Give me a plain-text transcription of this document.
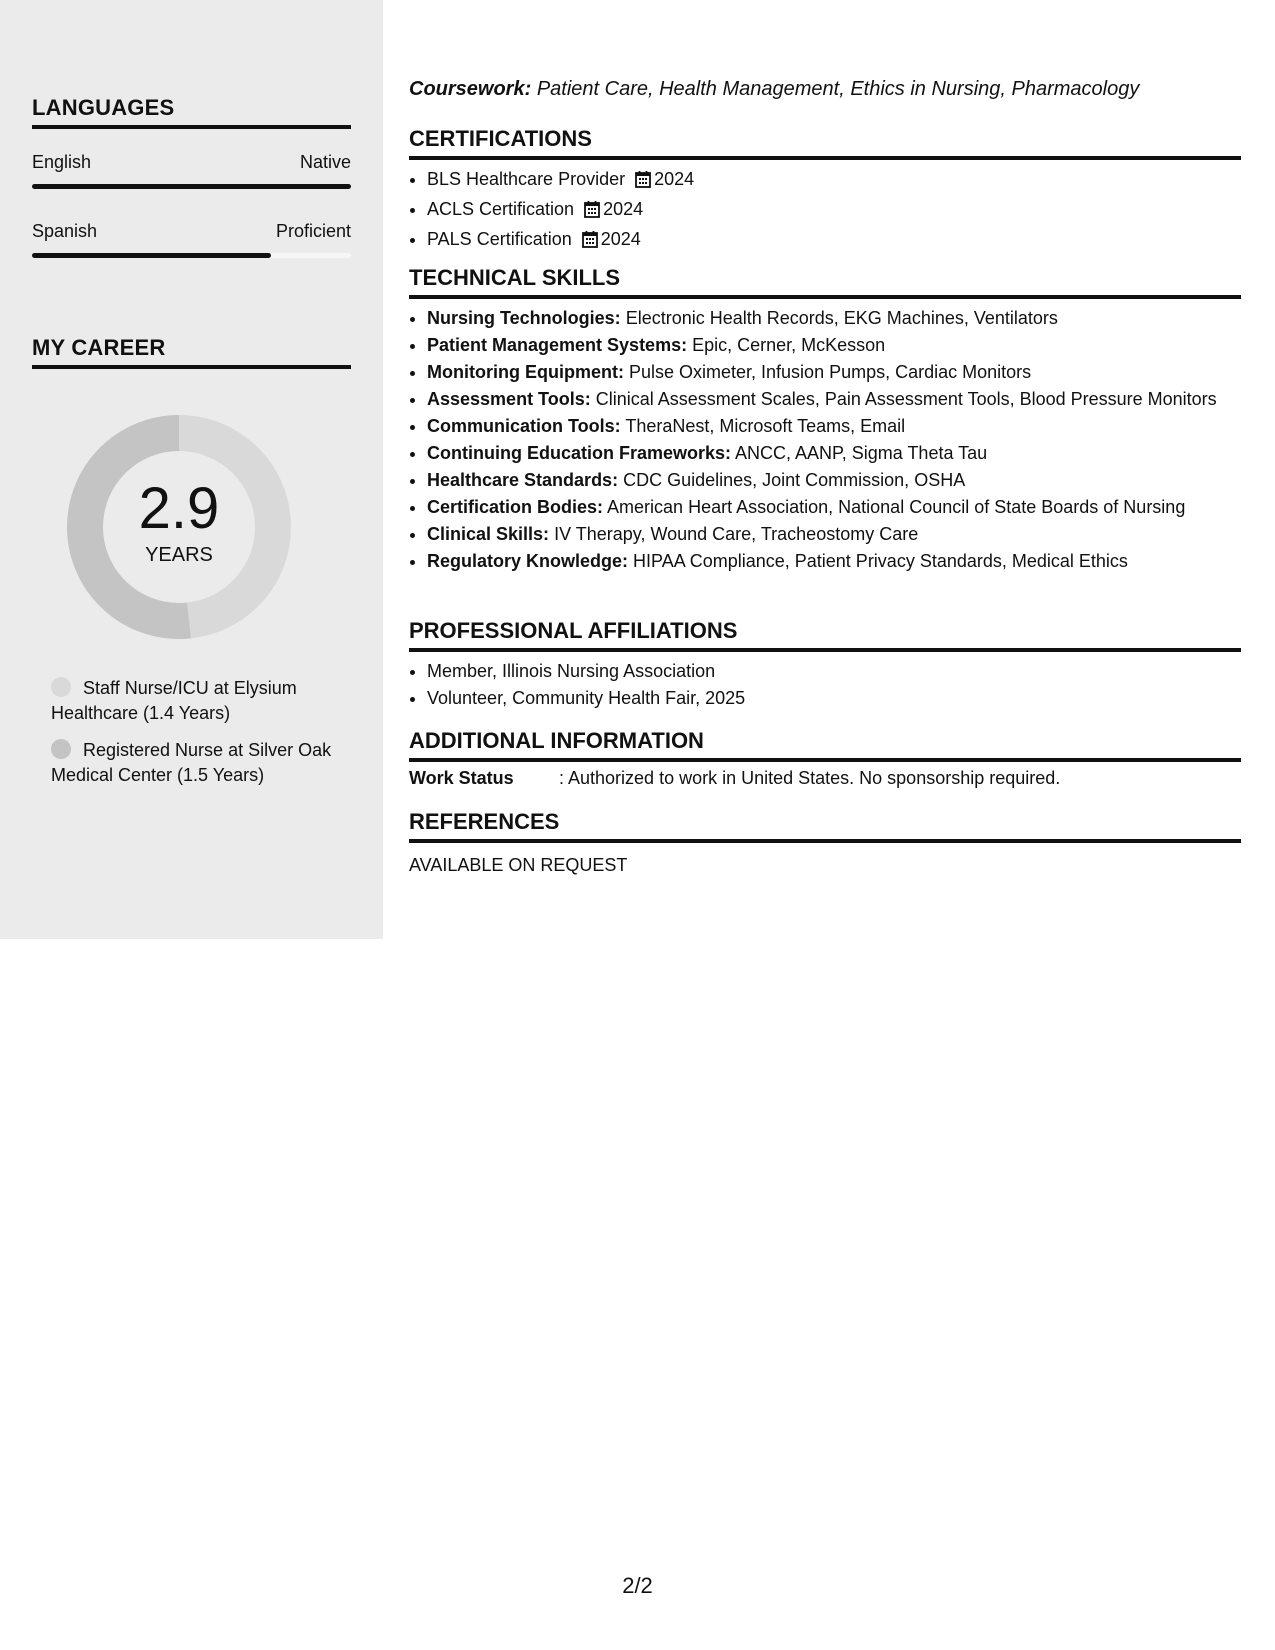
LANGUAGES
English	Native
Spanish	Proficient
MY CAREER
2.9
YEARS
Staff Nurse/ICU at Elysium Healthcare (1.4 Years)
Registered Nurse at Silver Oak Medical Center (1.5 Years)
Coursework: Patient Care, Health Management, Ethics in Nursing, Pharmacology
CERTIFICATIONS
• BLS Healthcare Provider 2024
• ACLS Certification 2024
• PALS Certification 2024
TECHNICAL SKILLS
• Nursing Technologies: Electronic Health Records, EKG Machines, Ventilators
• Patient Management Systems: Epic, Cerner, McKesson
• Monitoring Equipment: Pulse Oximeter, Infusion Pumps, Cardiac Monitors
• Assessment Tools: Clinical Assessment Scales, Pain Assessment Tools, Blood Pressure Monitors
• Communication Tools: TheraNest, Microsoft Teams, Email
• Continuing Education Frameworks: ANCC, AANP, Sigma Theta Tau
• Healthcare Standards: CDC Guidelines, Joint Commission, OSHA
• Certification Bodies: American Heart Association, National Council of State Boards of Nursing
• Clinical Skills: IV Therapy, Wound Care, Tracheostomy Care
• Regulatory Knowledge: HIPAA Compliance, Patient Privacy Standards, Medical Ethics
PROFESSIONAL AFFILIATIONS
• Member, Illinois Nursing Association
• Volunteer, Community Health Fair, 2025
ADDITIONAL INFORMATION
Work Status	: Authorized to work in United States. No sponsorship required.
REFERENCES
AVAILABLE ON REQUEST
2/2
